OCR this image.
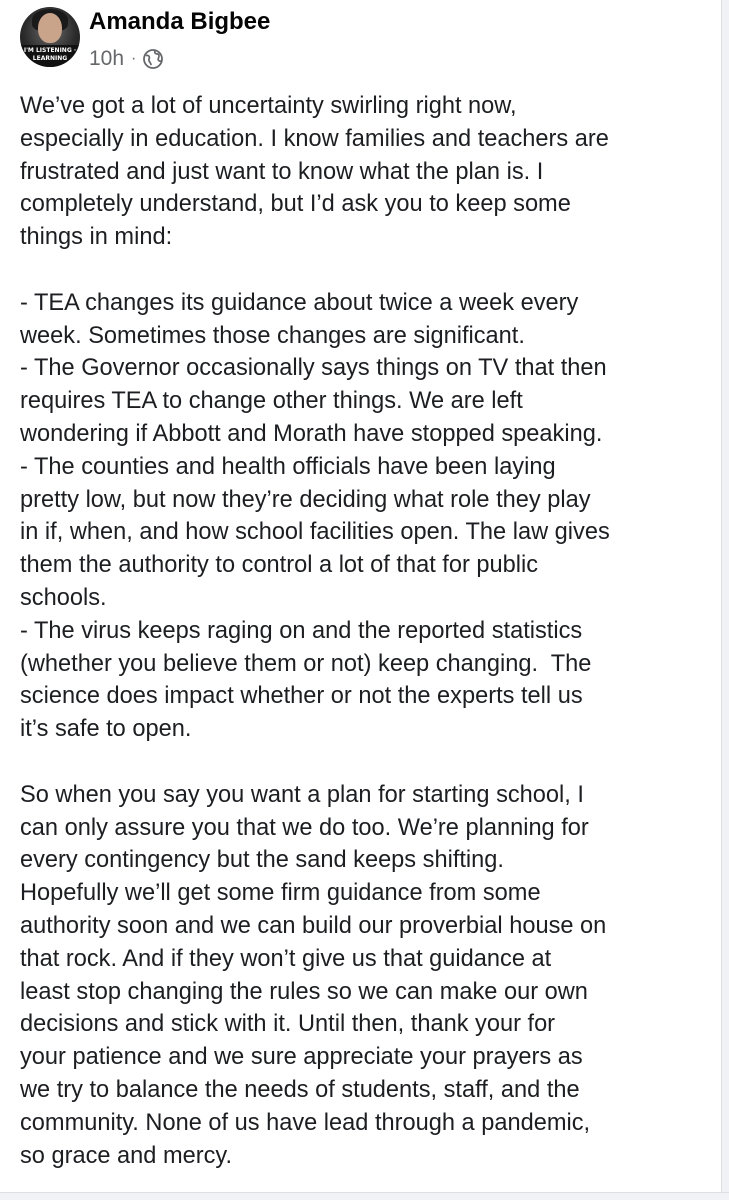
I'M LISTENING · LEARNING
Amanda Bigbee
10h ·
We’ve got a lot of uncertainty swirling right now,
especially in education. I know families and teachers are
frustrated and just want to know what the plan is. I
completely understand, but I’d ask you to keep some
things in mind:

- TEA changes its guidance about twice a week every
week. Sometimes those changes are significant.
- The Governor occasionally says things on TV that then
requires TEA to change other things. We are left
wondering if Abbott and Morath have stopped speaking.
- The counties and health officials have been laying
pretty low, but now they’re deciding what role they play
in if, when, and how school facilities open. The law gives
them the authority to control a lot of that for public
schools.
- The virus keeps raging on and the reported statistics
(whether you believe them or not) keep changing.  The
science does impact whether or not the experts tell us
it’s safe to open.

So when you say you want a plan for starting school, I
can only assure you that we do too. We’re planning for
every contingency but the sand keeps shifting.
Hopefully we’ll get some firm guidance from some
authority soon and we can build our proverbial house on
that rock. And if they won’t give us that guidance at
least stop changing the rules so we can make our own
decisions and stick with it. Until then, thank your for
your patience and we sure appreciate your prayers as
we try to balance the needs of students, staff, and the
community. None of us have lead through a pandemic,
so grace and mercy.
